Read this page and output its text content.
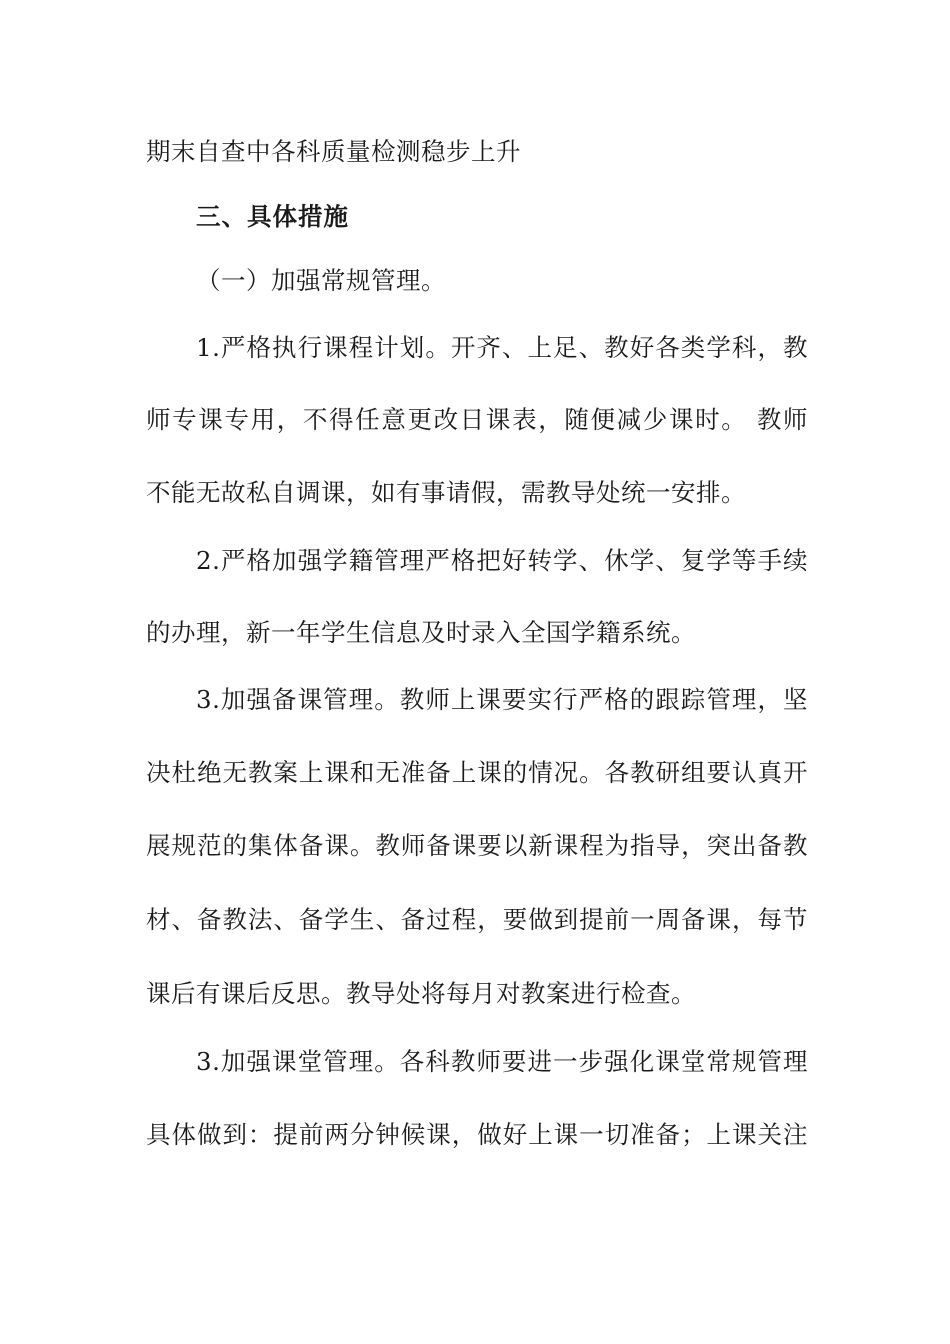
期末自查中各科质量检测稳步上升
三、具体措施
（一）加强常规管理。
1.严格执行课程计划。开齐、上足、教好各类学科，教
师专课专用，不得任意更改日课表，随便减少课时。 教师
不能无故私自调课，如有事请假，需教导处统一安排。
2.严格加强学籍管理严格把好转学、休学、复学等手续
的办理，新一年学生信息及时录入全国学籍系统。
3.加强备课管理。教师上课要实行严格的跟踪管理，坚
决杜绝无教案上课和无准备上课的情况。各教研组要认真开
展规范的集体备课。教师备课要以新课程为指导，突出备教
材、备教法、备学生、备过程，要做到提前一周备课，每节
课后有课后反思。教导处将每月对教案进行检查。
3.加强课堂管理。各科教师要进一步强化课堂常规管理
具体做到：提前两分钟候课，做好上课一切准备；上课关注
